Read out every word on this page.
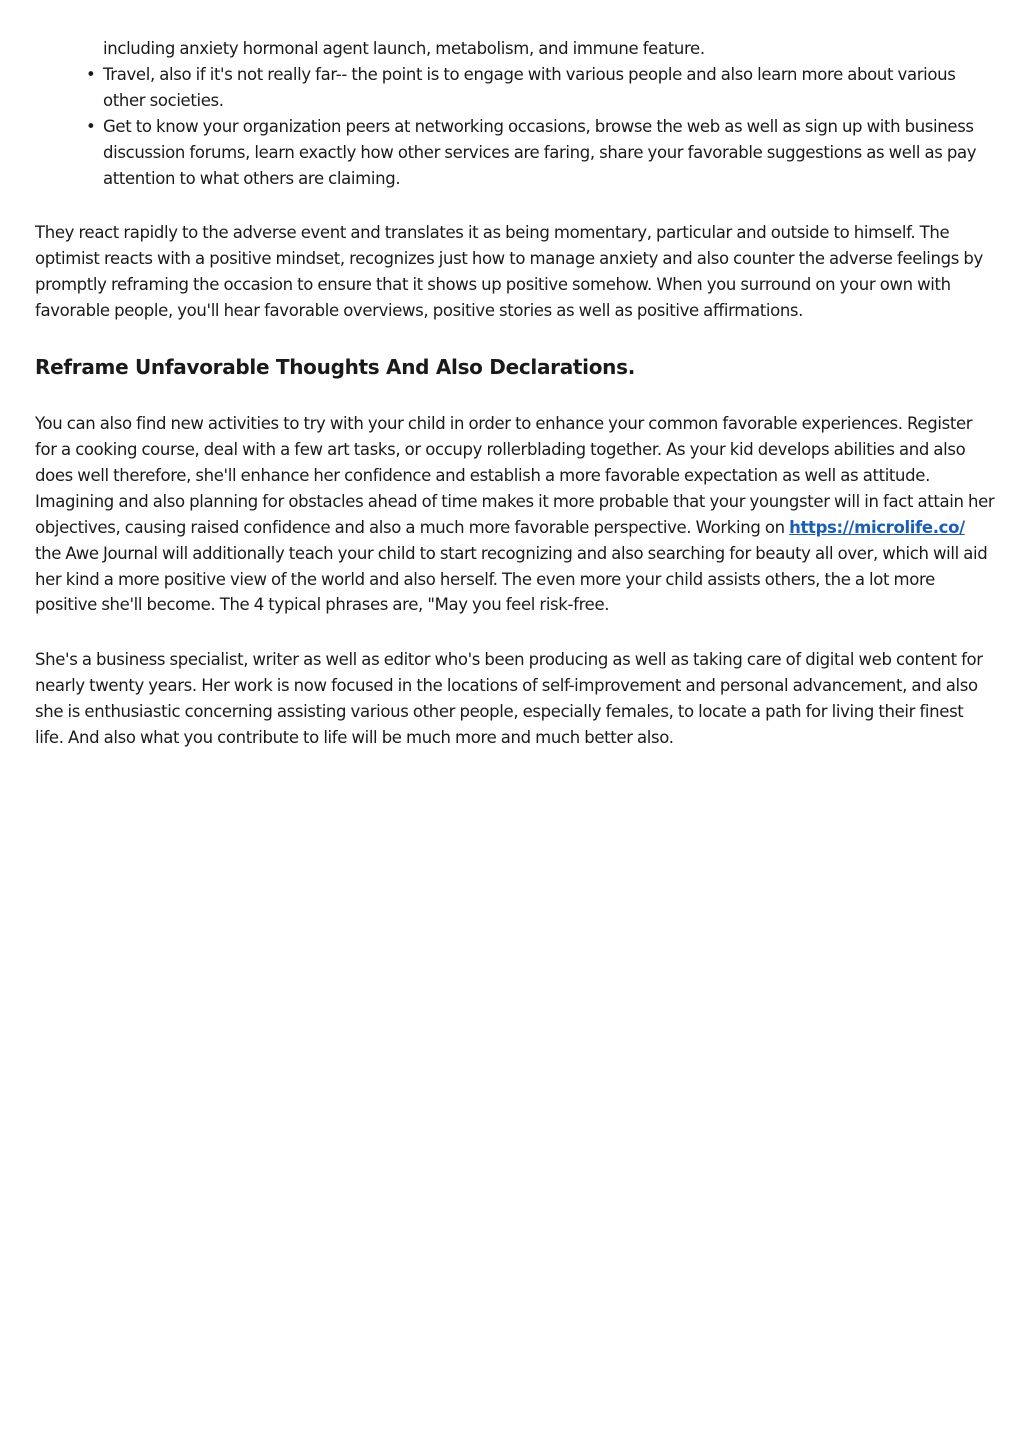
including anxiety hormonal agent launch, metabolism, and immune feature.

• Travel, also if it's not really far-- the point is to engage with various people and also learn more about various other societies.
• Get to know your organization peers at networking occasions, browse the web as well as sign up with business discussion forums, learn exactly how other services are faring, share your favorable suggestions as well as pay attention to what others are claiming.

They react rapidly to the adverse event and translates it as being momentary, particular and outside to himself. The optimist reacts with a positive mindset, recognizes just how to manage anxiety and also counter the adverse feelings by promptly reframing the occasion to ensure that it shows up positive somehow. When you surround on your own with favorable people, you'll hear favorable overviews, positive stories as well as positive affirmations.

Reframe Unfavorable Thoughts And Also Declarations.

You can also find new activities to try with your child in order to enhance your common favorable experiences. Register for a cooking course, deal with a few art tasks, or occupy rollerblading together. As your kid develops abilities and also does well therefore, she'll enhance her confidence and establish a more favorable expectation as well as attitude. Imagining and also planning for obstacles ahead of time makes it more probable that your youngster will in fact attain her objectives, causing raised confidence and also a much more favorable perspective. Working on https://microlife.co/ the Awe Journal will additionally teach your child to start recognizing and also searching for beauty all over, which will aid her kind a more positive view of the world and also herself. The even more your child assists others, the a lot more positive she'll become. The 4 typical phrases are, "May you feel risk-free.

She's a business specialist, writer as well as editor who's been producing as well as taking care of digital web content for nearly twenty years. Her work is now focused in the locations of self-improvement and personal advancement, and also she is enthusiastic concerning assisting various other people, especially females, to locate a path for living their finest life. And also what you contribute to life will be much more and much better also.
